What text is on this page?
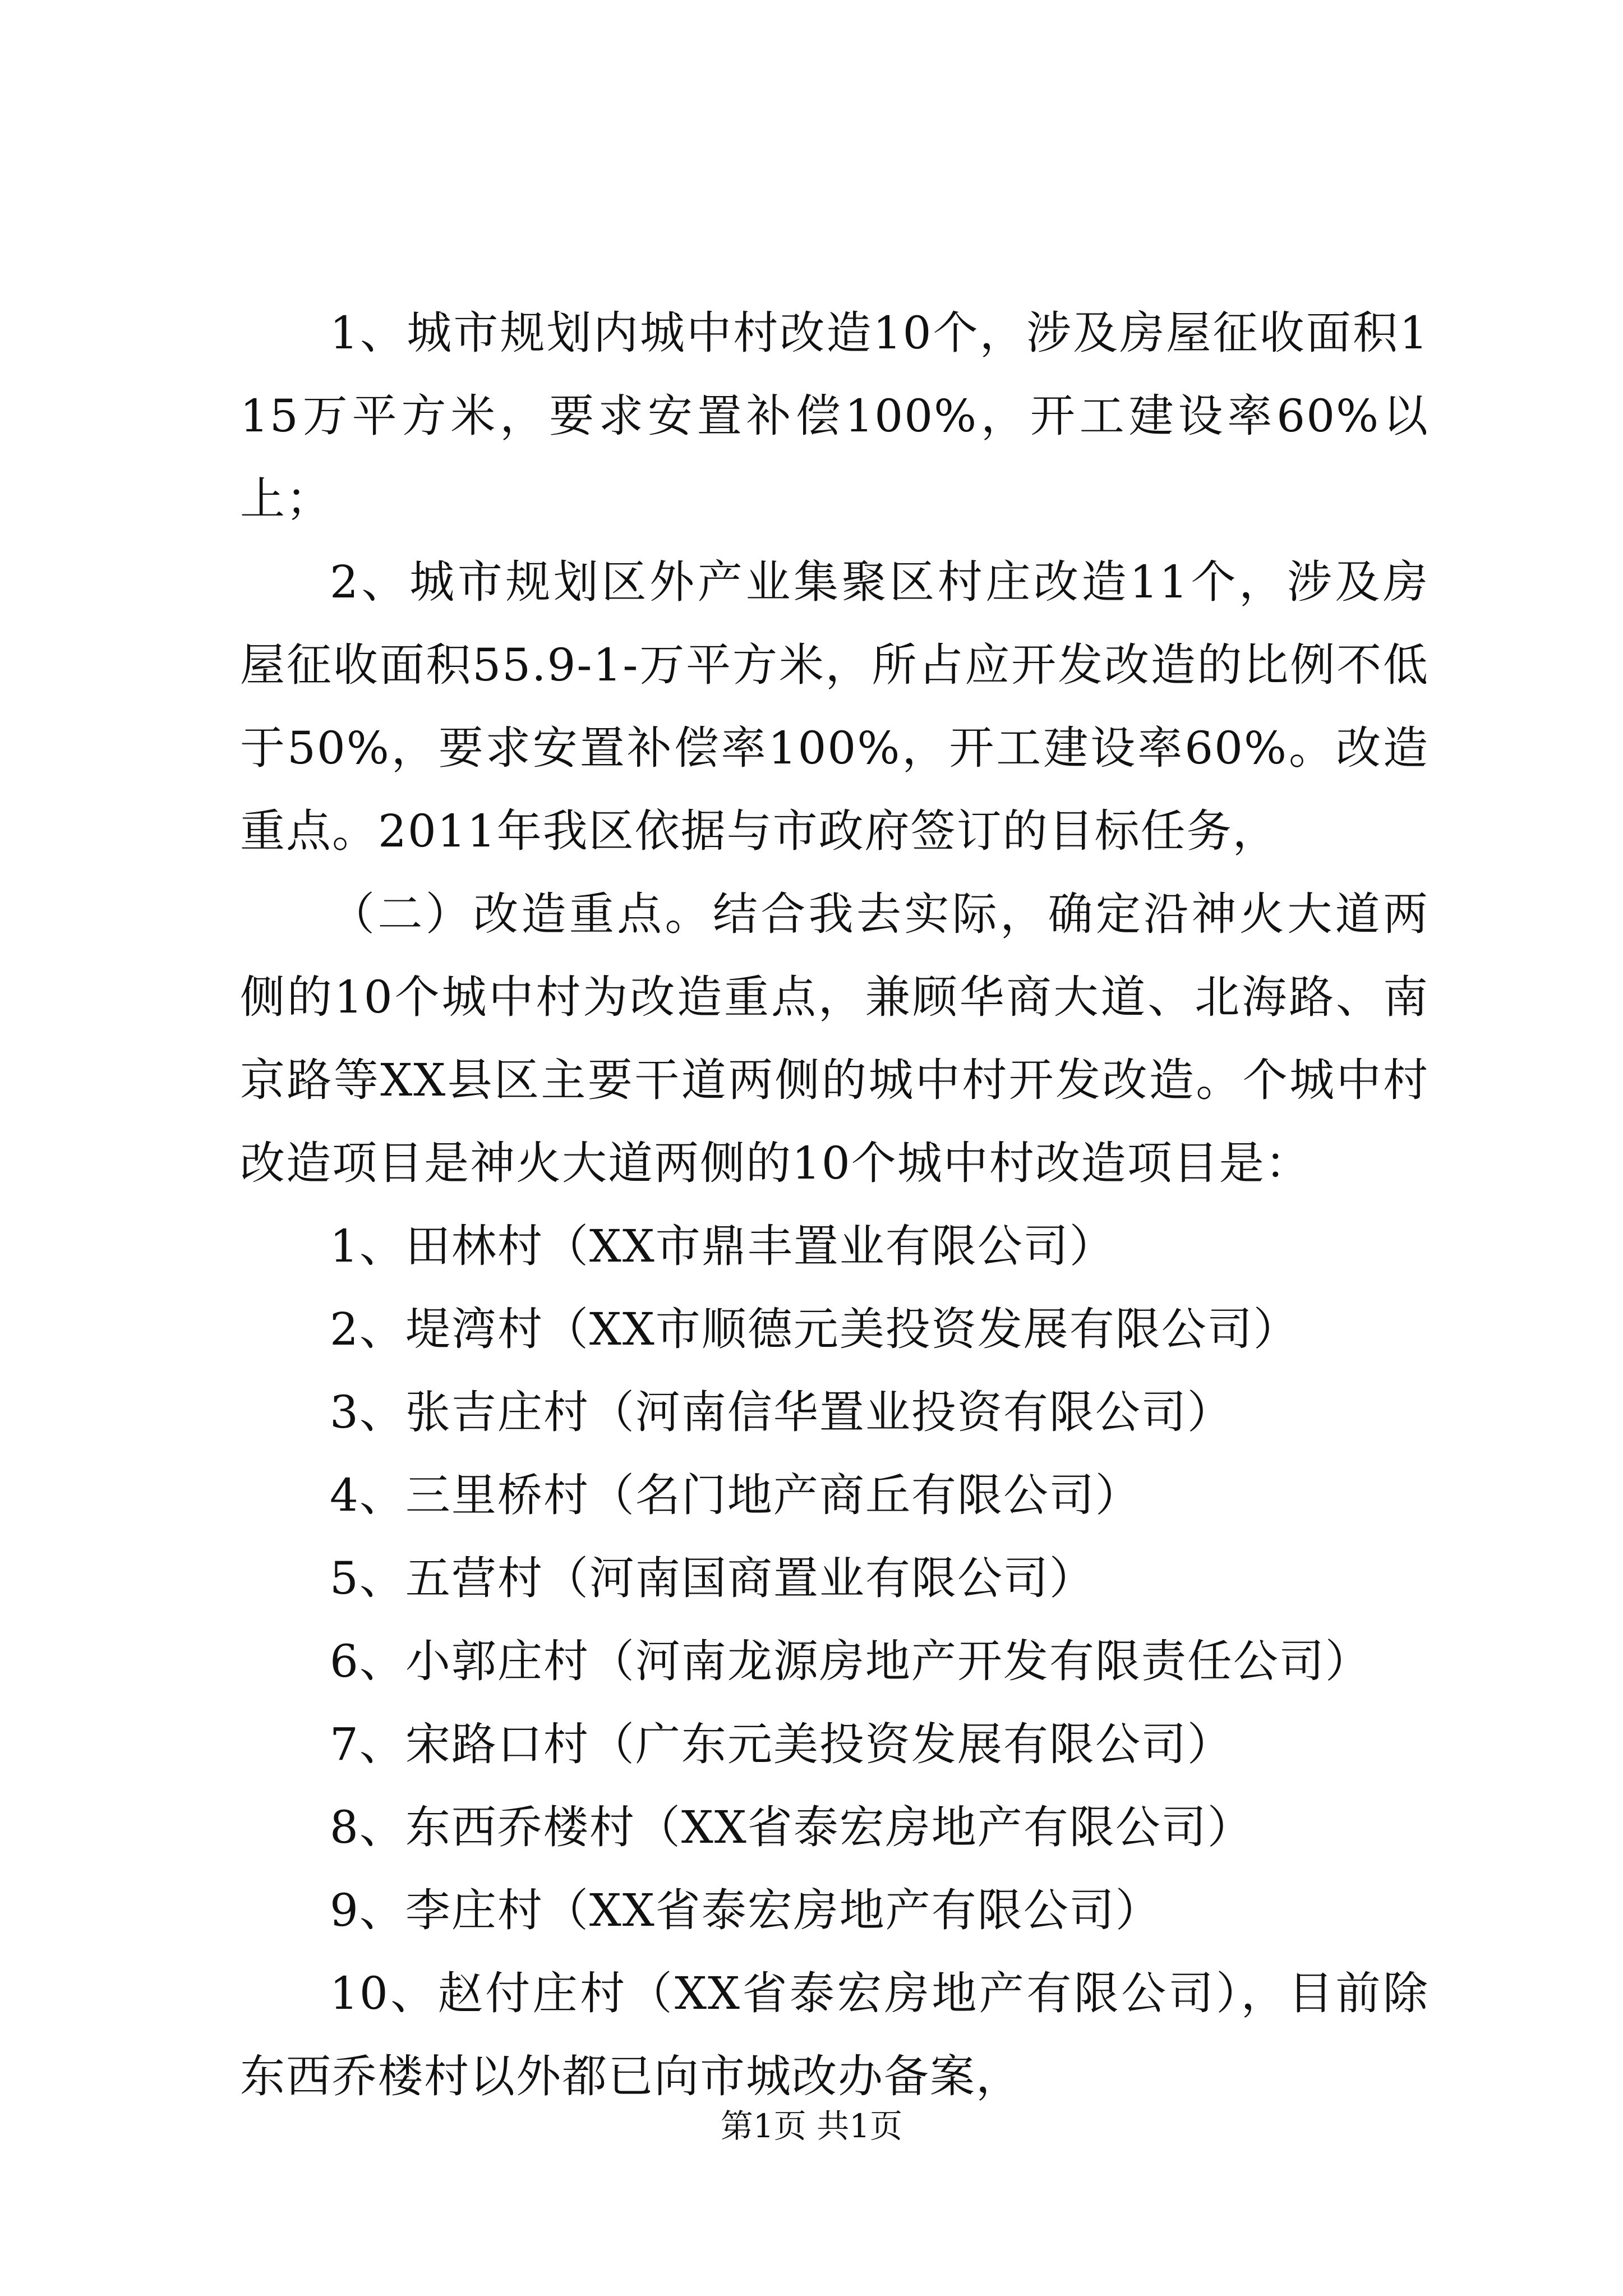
1、城市规划内城中村改造10个，涉及房屋征收面积115万平方米，要求安置补偿100%，开工建设率60%以上；

2、城市规划区外产业集聚区村庄改造11个，涉及房屋征收面积55.9-1-万平方米，所占应开发改造的比例不低于50%，要求安置补偿率100%，开工建设率60%。改造重点。2011年我区依据与市政府签订的目标任务，

（二）改造重点。结合我去实际，确定沿神火大道两侧的10个城中村为改造重点，兼顾华商大道、北海路、南京路等XX县区主要干道两侧的城中村开发改造。个城中村改造项目是神火大道两侧的10个城中村改造项目是：

1、田林村（XX市鼎丰置业有限公司）

2、堤湾村（XX市顺德元美投资发展有限公司）

3、张吉庄村（河南信华置业投资有限公司）

4、三里桥村（名门地产商丘有限公司）

5、五营村（河南国商置业有限公司）

6、小郭庄村（河南龙源房地产开发有限责任公司）

7、宋路口村（广东元美投资发展有限公司）

8、东西乔楼村（XX省泰宏房地产有限公司）

9、李庄村（XX省泰宏房地产有限公司）

10、赵付庄村（XX省泰宏房地产有限公司），目前除东西乔楼村以外都已向市城改办备案，

第1页 共1页
